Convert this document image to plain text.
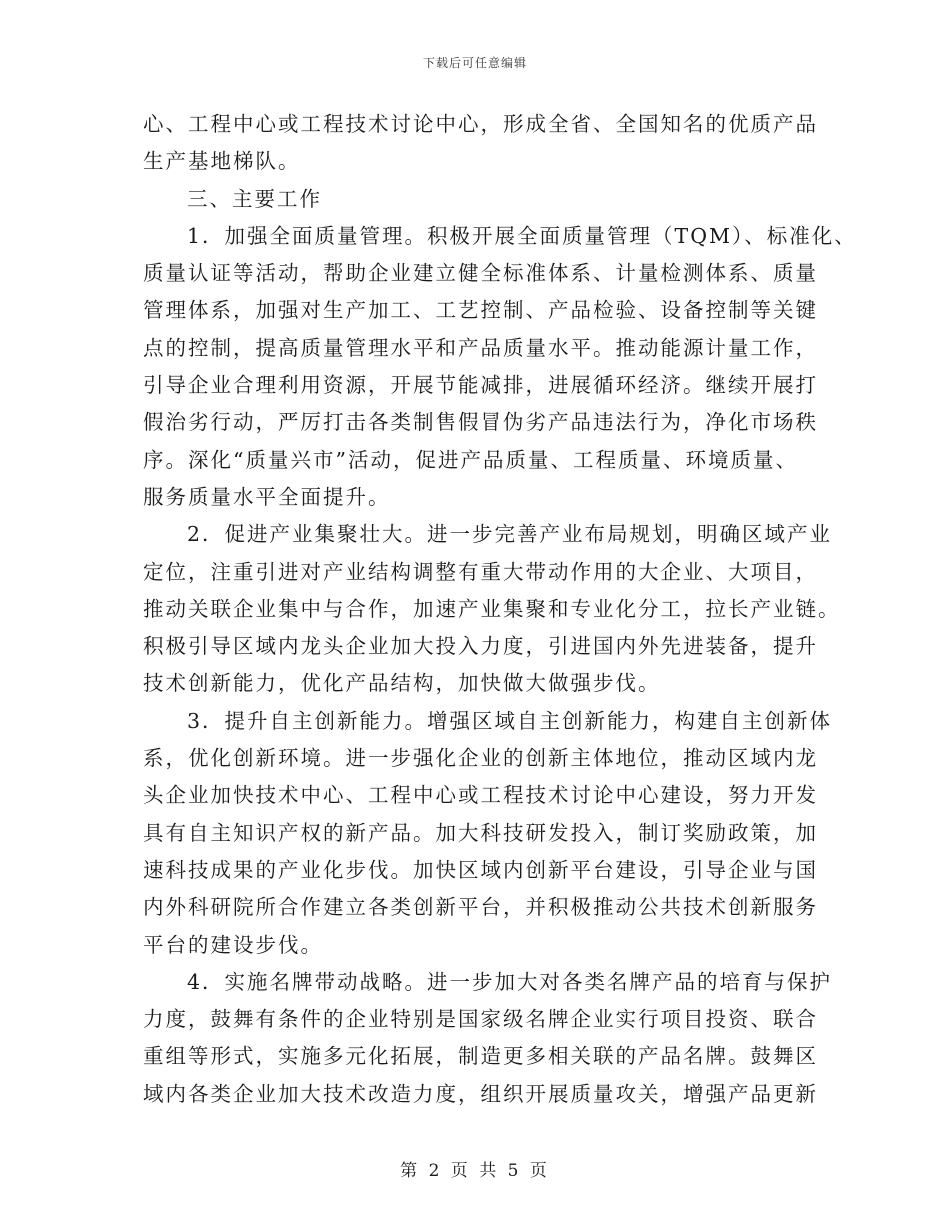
下载后可任意编辑
心、工程中心或工程技术讨论中心，形成全省、全国知名的优质产品
生产基地梯队。
三、主要工作
1．加强全面质量管理。积极开展全面质量管理（TQM）、标准化、
质量认证等活动，帮助企业建立健全标准体系、计量检测体系、质量
管理体系，加强对生产加工、工艺控制、产品检验、设备控制等关键
点的控制，提高质量管理水平和产品质量水平。推动能源计量工作，
引导企业合理利用资源，开展节能减排，进展循环经济。继续开展打
假治劣行动，严厉打击各类制售假冒伪劣产品违法行为，净化市场秩
序。深化“质量兴市”活动，促进产品质量、工程质量、环境质量、
服务质量水平全面提升。
2．促进产业集聚壮大。进一步完善产业布局规划，明确区域产业
定位，注重引进对产业结构调整有重大带动作用的大企业、大项目，
推动关联企业集中与合作，加速产业集聚和专业化分工，拉长产业链。
积极引导区域内龙头企业加大投入力度，引进国内外先进装备，提升
技术创新能力，优化产品结构，加快做大做强步伐。
3．提升自主创新能力。增强区域自主创新能力，构建自主创新体
系，优化创新环境。进一步强化企业的创新主体地位，推动区域内龙
头企业加快技术中心、工程中心或工程技术讨论中心建设，努力开发
具有自主知识产权的新产品。加大科技研发投入，制订奖励政策，加
速科技成果的产业化步伐。加快区域内创新平台建设，引导企业与国
内外科研院所合作建立各类创新平台，并积极推动公共技术创新服务
平台的建设步伐。
4．实施名牌带动战略。进一步加大对各类名牌产品的培育与保护
力度，鼓舞有条件的企业特别是国家级名牌企业实行项目投资、联合
重组等形式，实施多元化拓展，制造更多相关联的产品名牌。鼓舞区
域内各类企业加大技术改造力度，组织开展质量攻关，增强产品更新
第 2 页 共 5 页
